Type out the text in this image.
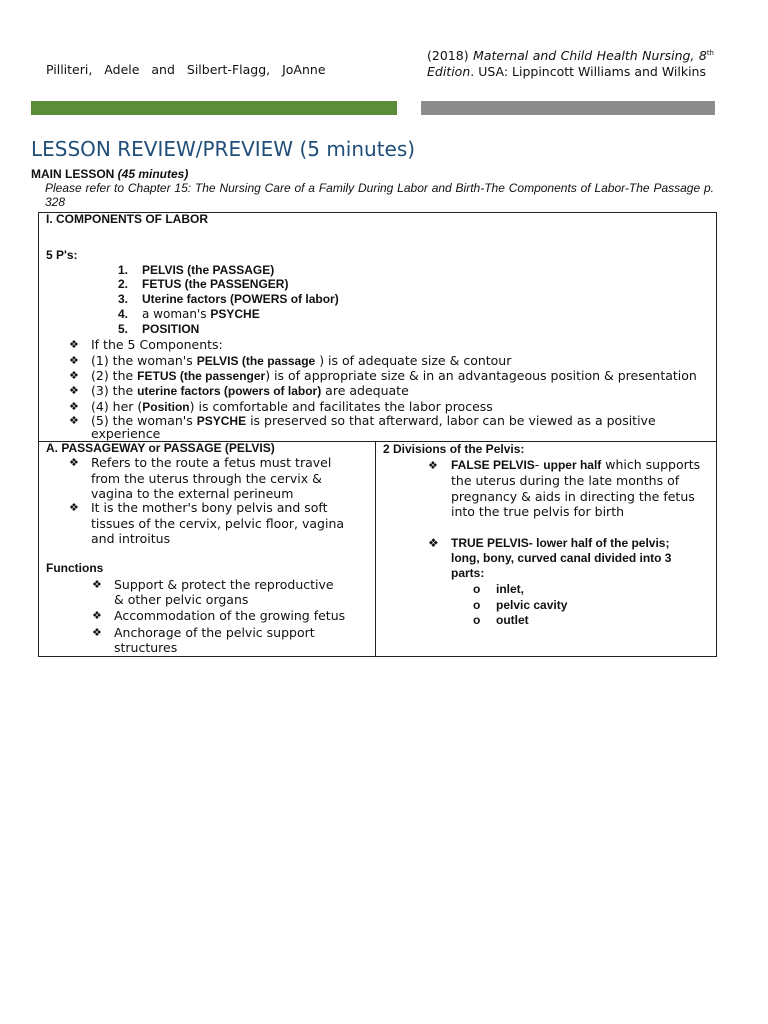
Pilliteri, Adele and Silbert-Flagg, JoAnne
(2018) Maternal and Child Health Nursing, 8th Edition. USA: Lippincott Williams and Wilkins
LESSON REVIEW/PREVIEW (5 minutes)
MAIN LESSON (45 minutes)
Please refer to Chapter 15: The Nursing Care of a Family During Labor and Birth-The Components of Labor-The Passage p. 328
I. COMPONENTS OF LABOR
5 P's:
1. PELVIS (the PASSAGE)
2. FETUS (the PASSENGER)
3. Uterine factors (POWERS of labor)
4. a woman's PSYCHE
5. POSITION
❖ If the 5 Components:
❖ (1) the woman's PELVIS (the passage ) is of adequate size & contour
❖ (2) the FETUS (the passenger) is of appropriate size & in an advantageous position & presentation
❖ (3) the uterine factors (powers of labor) are adequate
❖ (4) her (Position) is comfortable and facilitates the labor process
❖ (5) the woman's PSYCHE is preserved so that afterward, labor can be viewed as a positive
experience
A. PASSAGEWAY or PASSAGE (PELVIS)
❖ Refers to the route a fetus must travel
from the uterus through the cervix &
vagina to the external perineum
❖ It is the mother's bony pelvis and soft
tissues of the cervix, pelvic floor, vagina
and introitus
Functions
❖ Support & protect the reproductive
& other pelvic organs
❖ Accommodation of the growing fetus
❖ Anchorage of the pelvic support
structures
2 Divisions of the Pelvis:
❖ FALSE PELVIS- upper half which supports
the uterus during the late months of
pregnancy & aids in directing the fetus
into the true pelvis for birth
❖ TRUE PELVIS- lower half of the pelvis;
long, bony, curved canal divided into 3
parts:
o inlet,
o pelvic cavity
o outlet
